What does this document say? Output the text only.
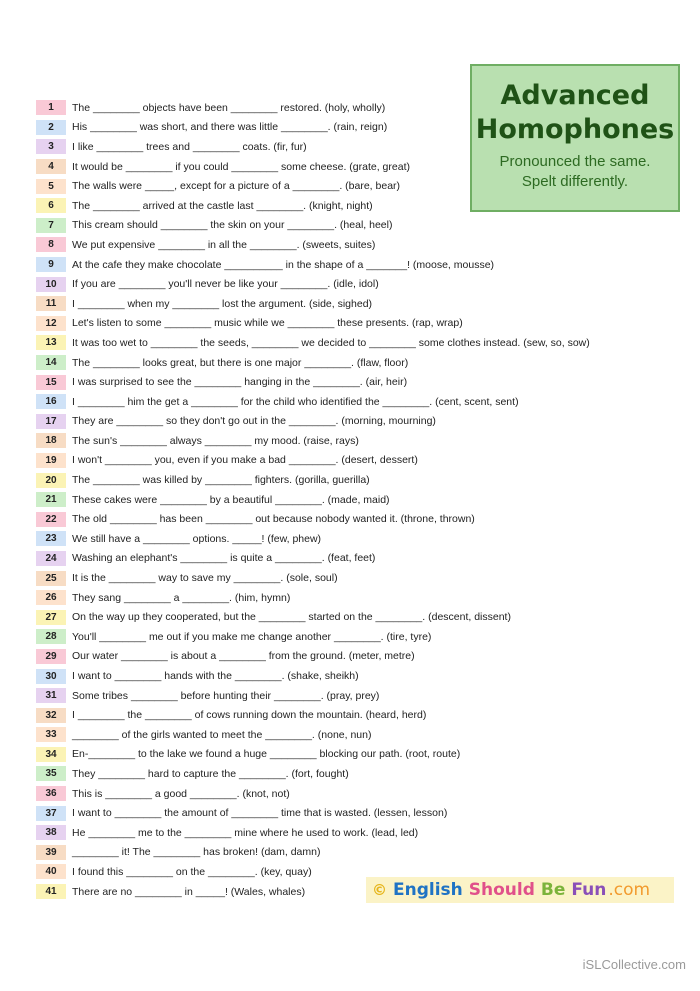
Advanced
Homophones
Pronounced the same.
Spelt differently.
1	The ________ objects have been ________ restored. (holy, wholly)
2	His ________ was short, and there was little ________. (rain, reign)
3	I like ________ trees and ________ coats. (fir, fur)
4	It would be ________ if you could ________ some cheese. (grate, great)
5	The walls were _____, except for a picture of a ________. (bare, bear)
6	The ________ arrived at the castle last ________. (knight, night)
7	This cream should ________ the skin on your ________. (heal, heel)
8	We put expensive ________ in all the ________. (sweets, suites)
9	At the cafe they make chocolate __________ in the shape of a _______! (moose, mousse)
10	If you are ________ you'll never be like your ________. (idle, idol)
11	I ________ when my ________ lost the argument. (side, sighed)
12	Let's listen to some ________ music while we ________ these presents. (rap, wrap)
13	It was too wet to ________ the seeds, ________ we decided to ________ some clothes instead. (sew, so, sow)
14	The ________ looks great, but there is one major ________. (flaw, floor)
15	I was surprised to see the ________ hanging in the ________. (air, heir)
16	I ________ him the get a ________ for the child who identified the ________. (cent, scent, sent)
17	They are ________ so they don't go out in the ________. (morning, mourning)
18	The sun's ________ always ________ my mood. (raise, rays)
19	I won't ________ you, even if you make a bad ________. (desert, dessert)
20	The ________ was killed by ________ fighters. (gorilla, guerilla)
21	These cakes were ________ by a beautiful ________. (made, maid)
22	The old ________ has been ________ out because nobody wanted it. (throne, thrown)
23	We still have a ________ options. _____! (few, phew)
24	Washing an elephant's ________ is quite a ________. (feat, feet)
25	It is the ________ way to save my ________. (sole, soul)
26	They sang ________ a ________. (him, hymn)
27	On the way up they cooperated, but the ________ started on the ________. (descent, dissent)
28	You'll ________ me out if you make me change another ________. (tire, tyre)
29	Our water ________ is about a ________ from the ground. (meter, metre)
30	I want to ________ hands with the ________. (shake, sheikh)
31	Some tribes ________ before hunting their ________. (pray, prey)
32	I ________ the ________ of cows running down the mountain. (heard, herd)
33	________ of the girls wanted to meet the ________. (none, nun)
34	En-________ to the lake we found a huge ________ blocking our path. (root, route)
35	They ________ hard to capture the ________. (fort, fought)
36	This is ________ a good ________. (knot, not)
37	I want to ________ the amount of ________ time that is wasted. (lessen, lesson)
38	He ________ me to the ________ mine where he used to work. (lead, led)
39	________ it! The ________ has broken! (dam, damn)
40	I found this ________ on the ________. (key, quay)
41	There are no ________ in _____! (Wales, whales)	© English Should Be Fun .com
iSLCollective.com
